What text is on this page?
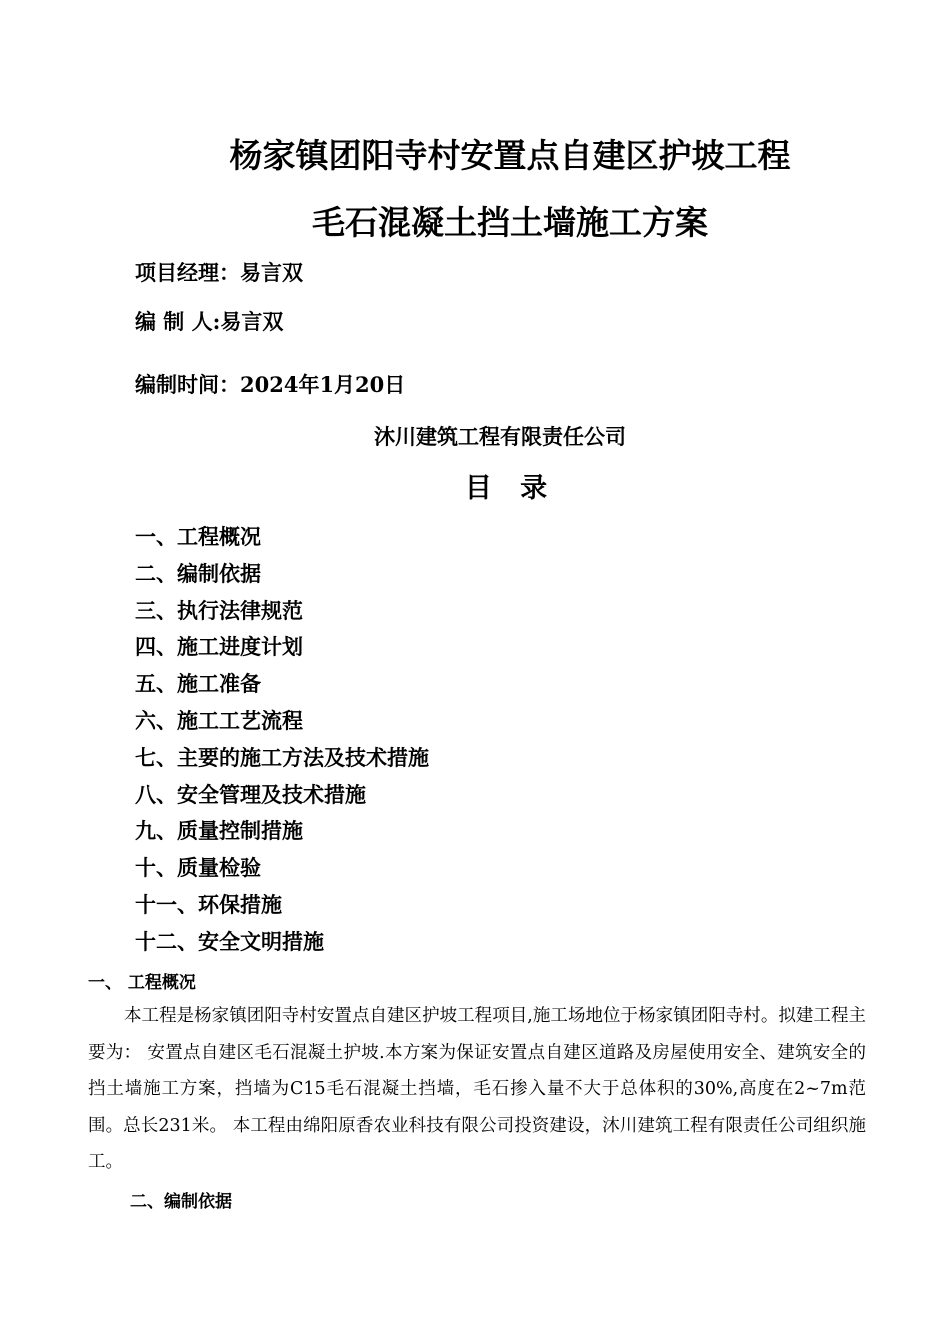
杨家镇团阳寺村安置点自建区护坡工程
毛石混凝土挡土墙施工方案
项目经理：易言双
编 制 人:易言双
编制时间：2024年1月20日
沐川建筑工程有限责任公司
目   录
一、工程概况
二、编制依据
三、执行法律规范
四、施工进度计划
五、施工准备
六、施工工艺流程
七、主要的施工方法及技术措施
八、安全管理及技术措施
九、质量控制措施
十、质量检验
十一、环保措施
十二、安全文明措施
一、 工程概况
本工程是杨家镇团阳寺村安置点自建区护坡工程项目,施工场地位于杨家镇团阳寺村。拟建工程主要为： 安置点自建区毛石混凝土护坡.本方案为保证安置点自建区道路及房屋使用安全、建筑安全的挡土墙施工方案，挡墙为C15毛石混凝土挡墙，毛石掺入量不大于总体积的30%,高度在2~7m范围。总长231米。 本工程由绵阳原香农业科技有限公司投资建设，沐川建筑工程有限责任公司组织施工。
二、编制依据
